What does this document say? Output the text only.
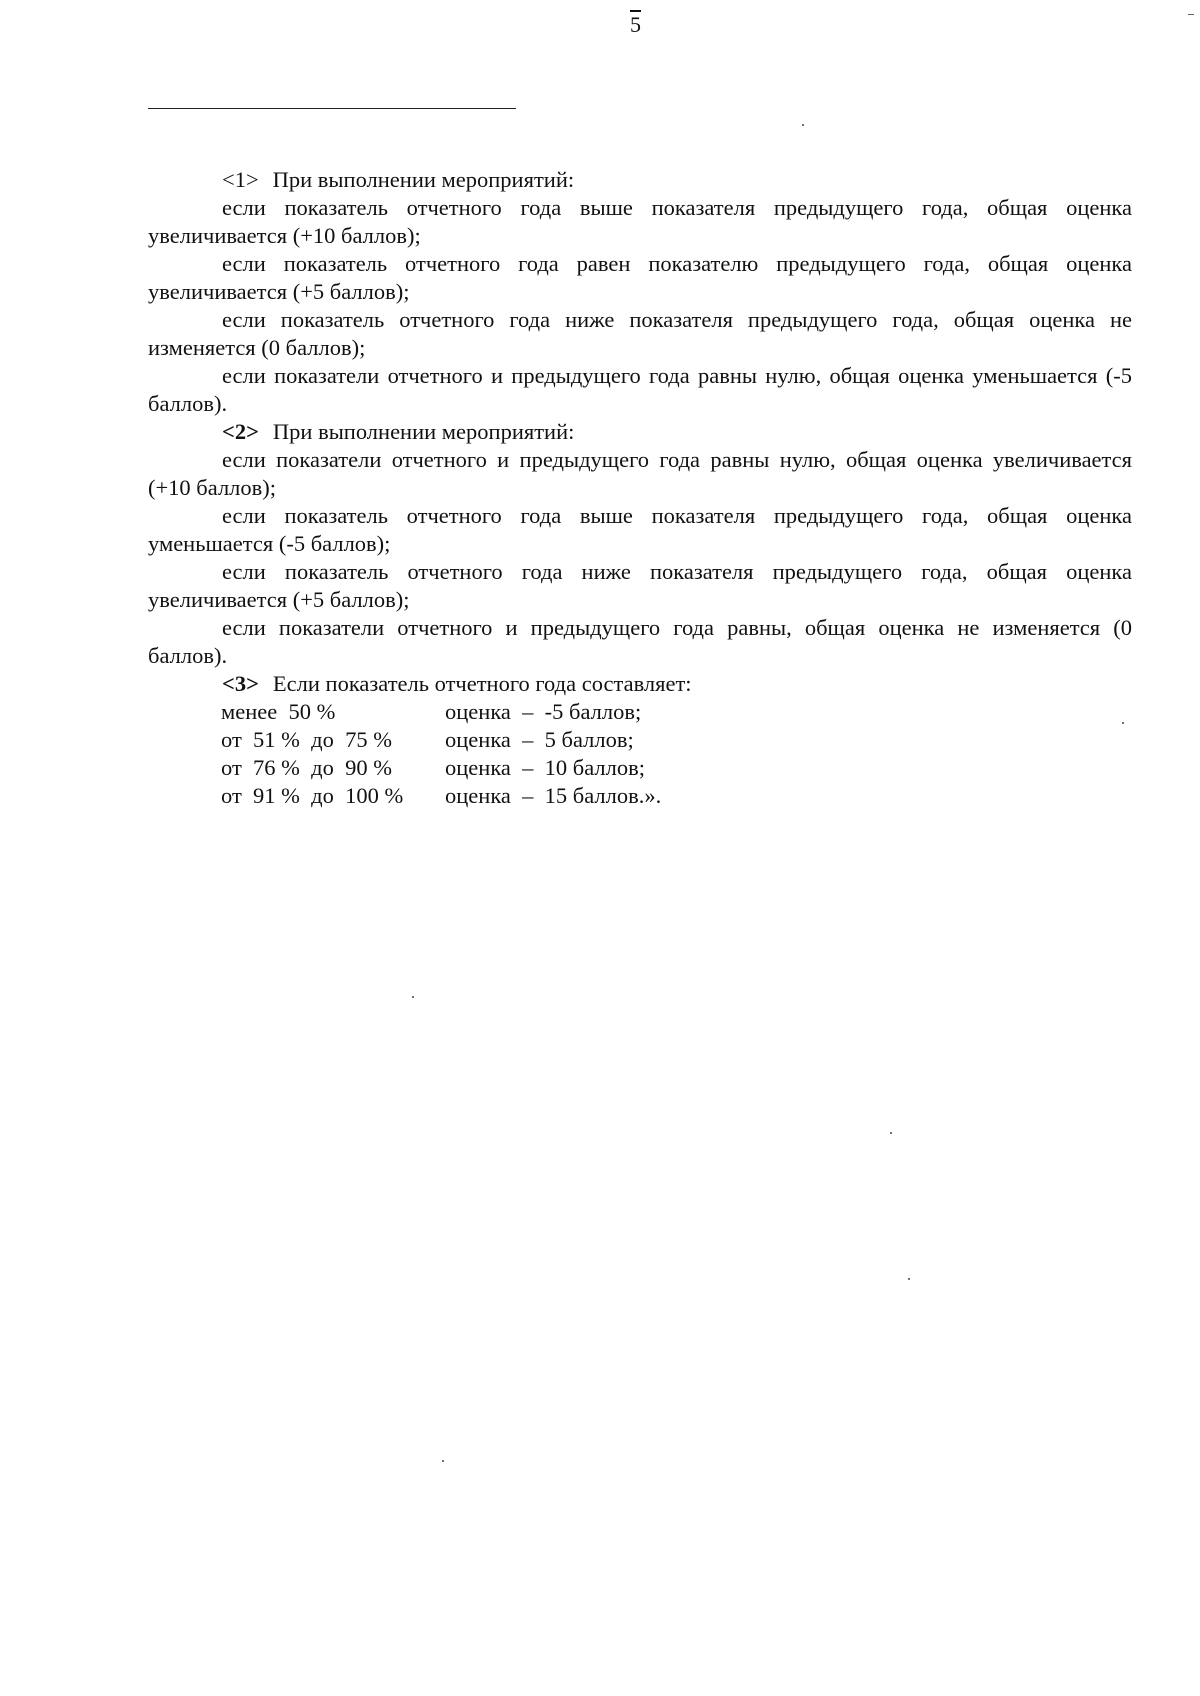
5

<1> При выполнении мероприятий:

если показатель отчетного года выше показателя предыдущего года, общая оценка увеличивается (+10 баллов);

если показатель отчетного года равен показателю предыдущего года, общая оценка увеличивается (+5 баллов);

если показатель отчетного года ниже показателя предыдущего года, общая оценка не изменяется (0 баллов);

если показатели отчетного и предыдущего года равны нулю, общая оценка уменьшается (-5 баллов).

<2> При выполнении мероприятий:

если показатели отчетного и предыдущего года равны нулю, общая оценка увеличивается (+10 баллов);

если показатель отчетного года выше показателя предыдущего года, общая оценка уменьшается (-5 баллов);

если показатель отчетного года ниже показателя предыдущего года, общая оценка увеличивается (+5 баллов);

если показатели отчетного и предыдущего года равны, общая оценка не изменяется (0 баллов).

<3> Если показатель отчетного года составляет:

менее  50 %	оценка  –  -5 баллов;
от  51 %  до  75 %	оценка  –  5 баллов;
от  76 %  до  90 %	оценка  –  10 баллов;
от  91 %  до  100 %	оценка  –  15 баллов.».
